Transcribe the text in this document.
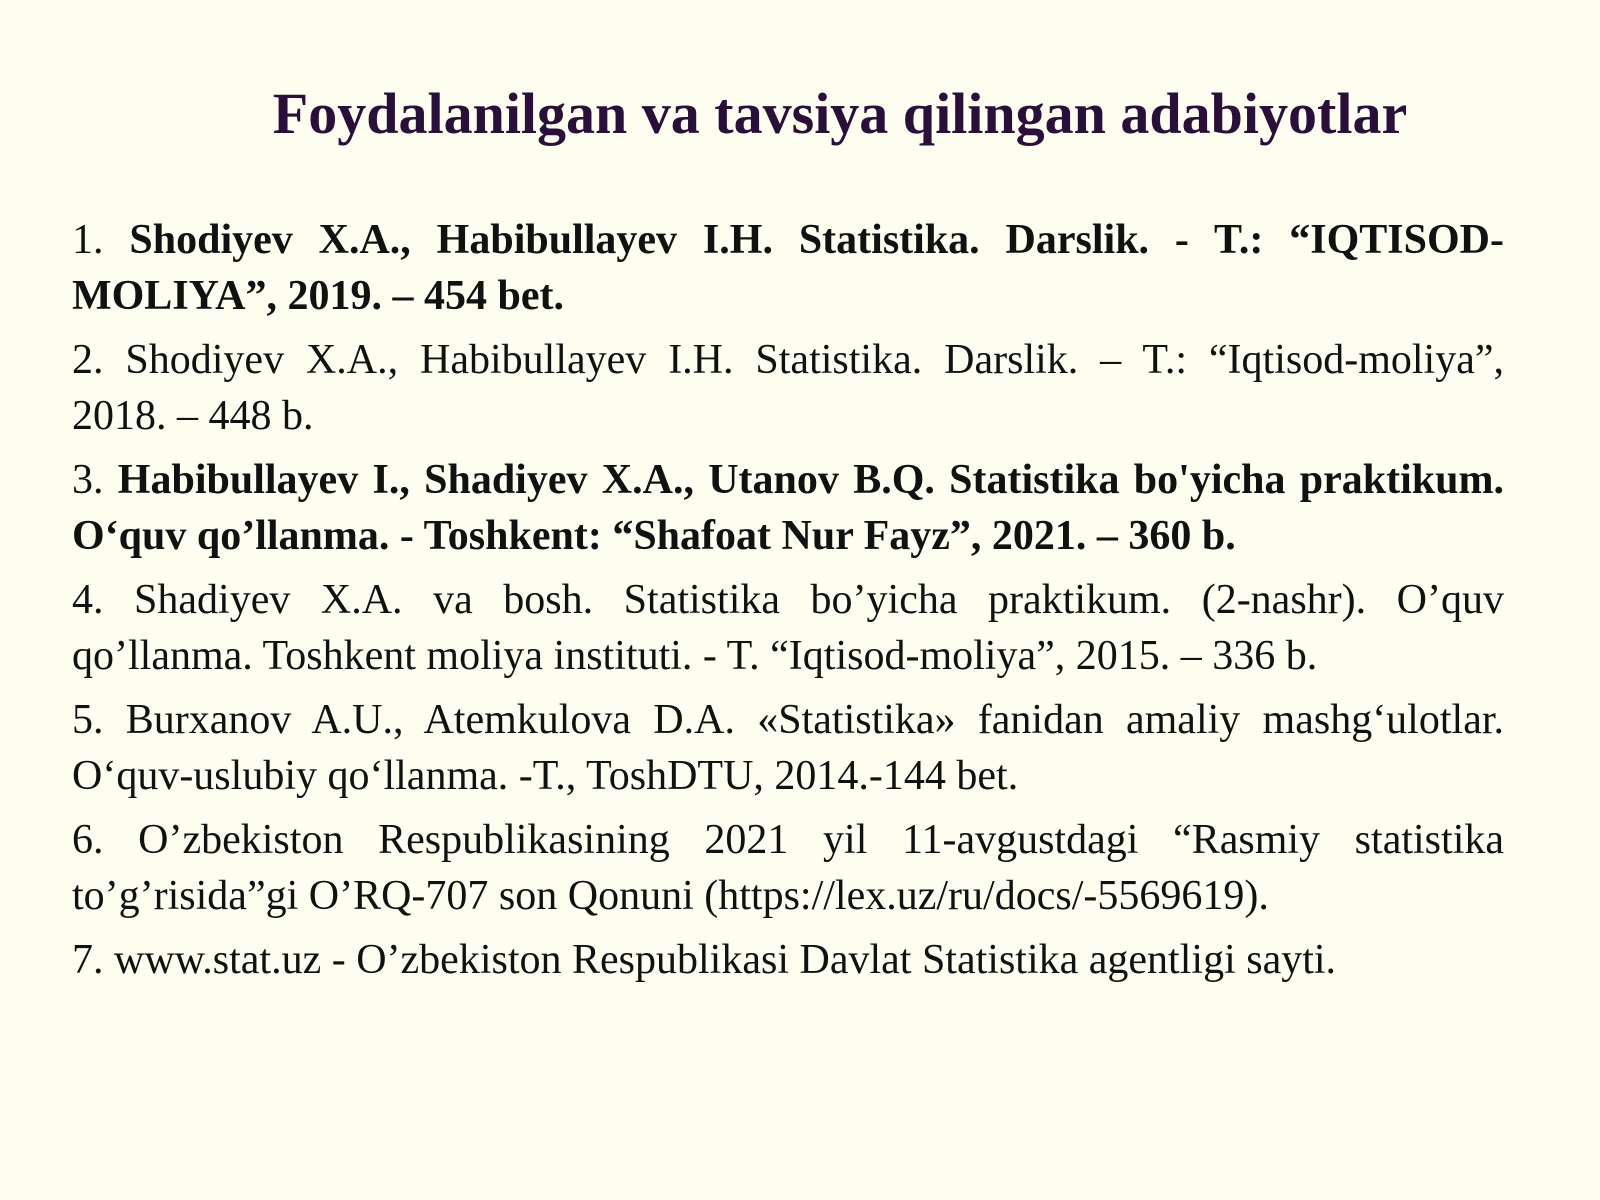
Foydalanilgan va tavsiya qilingan adabiyotlar
1. Shodiyev X.A., Habibullayev I.H. Statistika. Darslik. - T.: “IQTISOD-MOLIYA”, 2019. – 454 bet.
2. Shodiyev X.A., Habibullayev I.H. Statistika. Darslik. – T.: “Iqtisod-moliya”, 2018. – 448 b.
3. Habibullayev I., Shadiyev X.A., Utanov B.Q. Statistika bo'yicha praktikum. O‘quv qo’llanma. - Toshkent: “Shafoat Nur Fayz”, 2021. – 360 b.
4. Shadiyev X.A. va bosh. Statistika bo’yicha praktikum. (2-nashr). O’quv qo’llanma. Toshkent moliya instituti. - T. “Iqtisod-moliya”, 2015. – 336 b.
5. Burxanov A.U., Atemkulova D.A. «Statistika» fanidan amaliy mashg‘ulotlar. O‘quv-uslubiy qo‘llanma. -T., ToshDTU, 2014.-144 bet.
6. O’zbekiston Respublikasining 2021 yil 11-avgustdagi “Rasmiy statistika to’g’risida”gi O’RQ-707 son Qonuni (https://lex.uz/ru/docs/-5569619).
7. www.stat.uz - O’zbekiston Respublikasi Davlat Statistika agentligi sayti.
